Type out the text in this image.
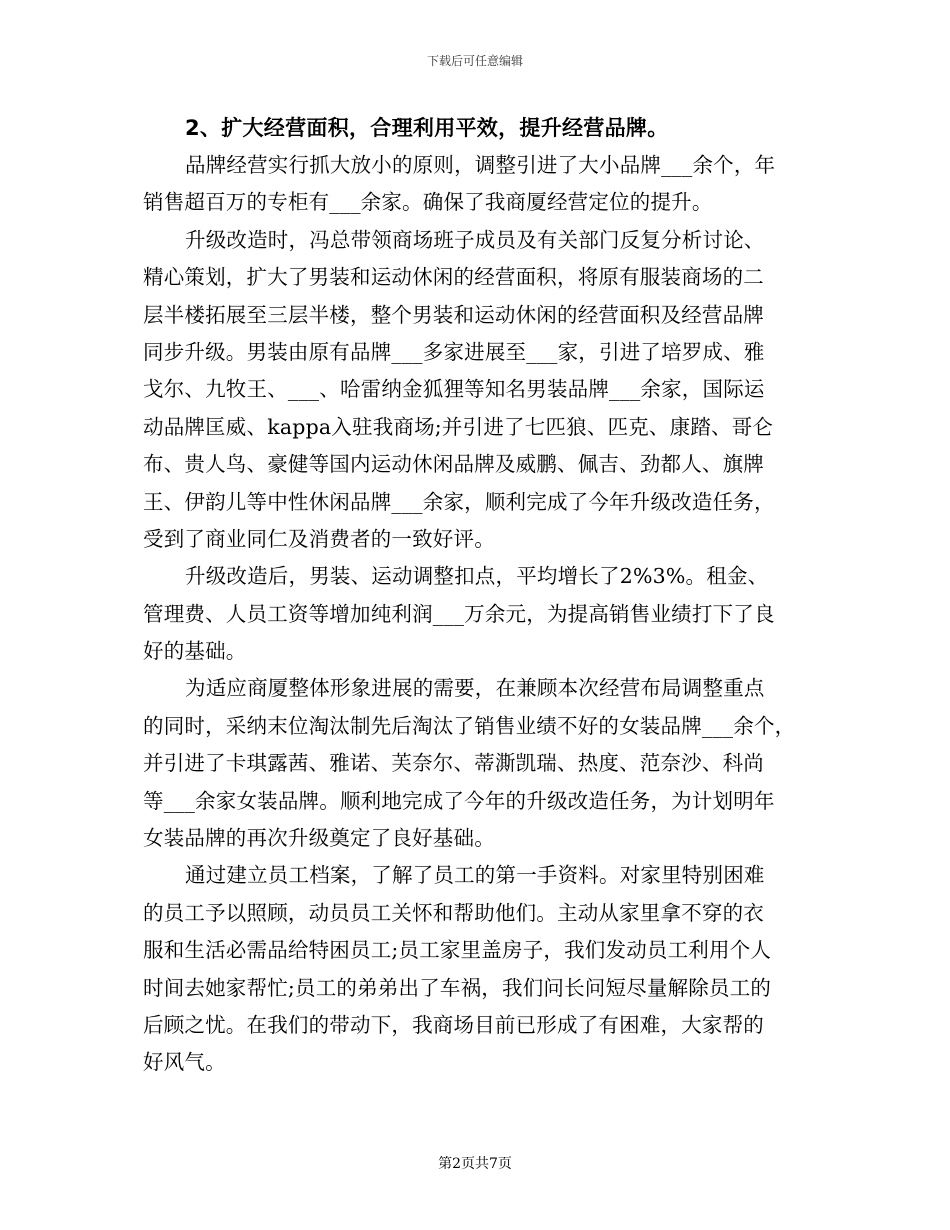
下载后可任意编辑
2、扩大经营面积，合理利用平效，提升经营品牌。
品牌经营实行抓大放小的原则，调整引进了大小品牌___余个，年
销售超百万的专柜有___余家。确保了我商厦经营定位的提升。
升级改造时，冯总带领商场班子成员及有关部门反复分析讨论、
精心策划，扩大了男装和运动休闲的经营面积，将原有服装商场的二
层半楼拓展至三层半楼，整个男装和运动休闲的经营面积及经营品牌
同步升级。男装由原有品牌___多家进展至___家，引进了培罗成、雅
戈尔、九牧王、___、哈雷纳金狐狸等知名男装品牌___余家，国际运
动品牌匡威、kappa入驻我商场;并引进了七匹狼、匹克、康踏、哥仑
布、贵人鸟、豪健等国内运动休闲品牌及威鹏、佩吉、劲都人、旗牌
王、伊韵儿等中性休闲品牌___余家，顺利完成了今年升级改造任务，
受到了商业同仁及消费者的一致好评。
升级改造后，男装、运动调整扣点，平均增长了2%3%。租金、
管理费、人员工资等增加纯利润___万余元，为提高销售业绩打下了良
好的基础。
为适应商厦整体形象进展的需要，在兼顾本次经营布局调整重点
的同时，采纳末位淘汰制先后淘汰了销售业绩不好的女装品牌___余个，
并引进了卡琪露茜、雅诺、芙奈尔、蒂澌凯瑞、热度、范奈沙、科尚
等___余家女装品牌。顺利地完成了今年的升级改造任务，为计划明年
女装品牌的再次升级奠定了良好基础。
通过建立员工档案，了解了员工的第一手资料。对家里特别困难
的员工予以照顾，动员员工关怀和帮助他们。主动从家里拿不穿的衣
服和生活必需品给特困员工;员工家里盖房子，我们发动员工利用个人
时间去她家帮忙;员工的弟弟出了车祸，我们问长问短尽量解除员工的
后顾之忧。在我们的带动下，我商场目前已形成了有困难，大家帮的
好风气。
第2页共7页
